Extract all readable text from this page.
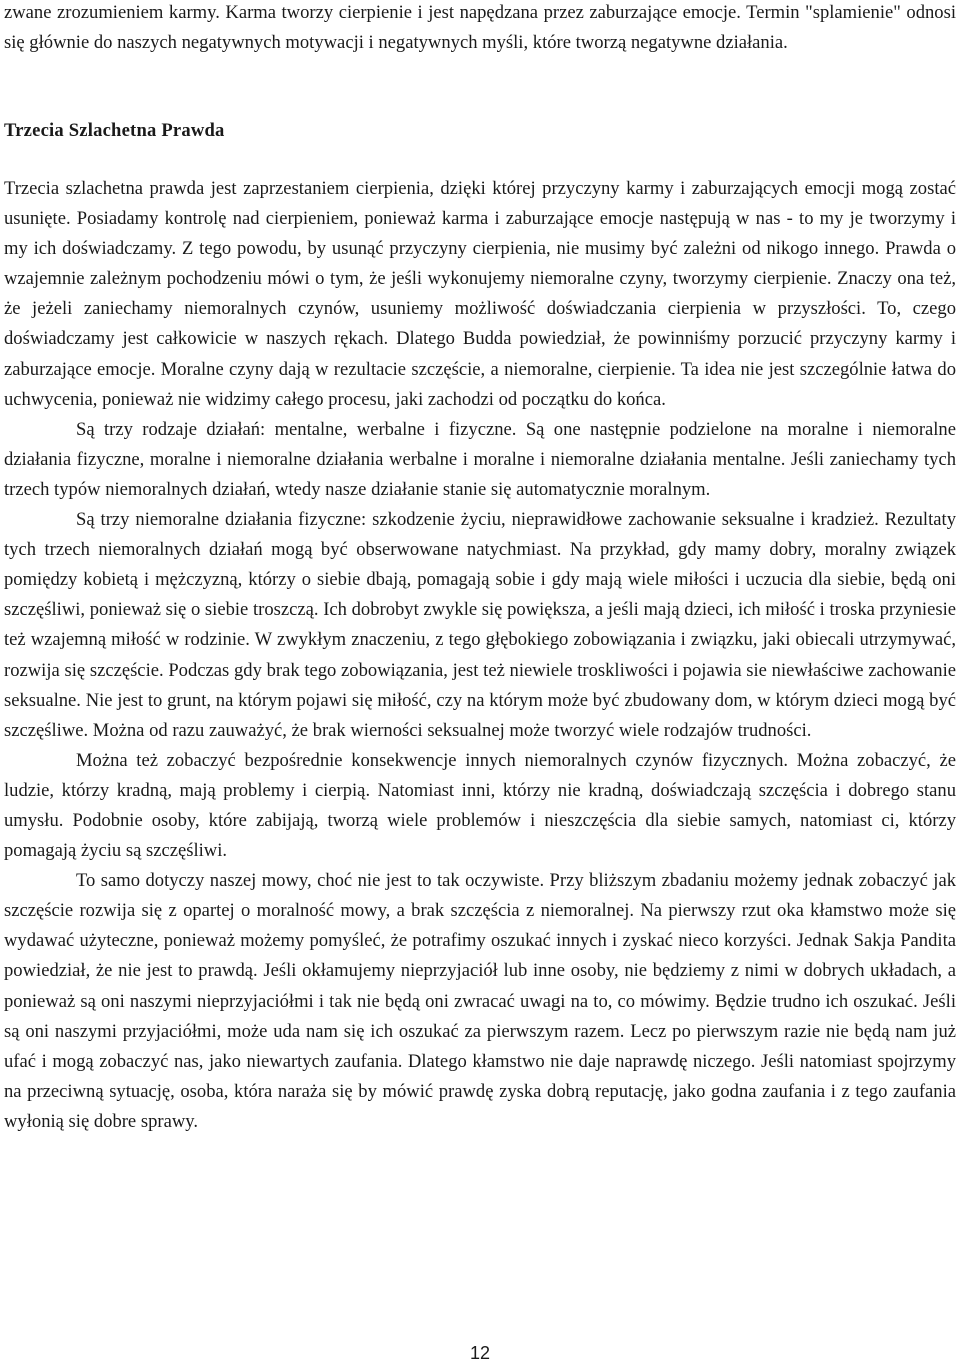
zwane zrozumieniem karmy. Karma tworzy cierpienie i jest napędzana przez zaburzające emocje. Termin "splamienie" odnosi się głównie do naszych negatywnych motywacji i negatywnych myśli, które tworzą negatywne działania.

Trzecia Szlachetna Prawda

Trzecia szlachetna prawda jest zaprzestaniem cierpienia, dzięki której przyczyny karmy i zaburzających emocji mogą zostać usunięte. Posiadamy kontrolę nad cierpieniem, ponieważ karma i zaburzające emocje następują w nas - to my je tworzymy i my ich doświadczamy. Z tego powodu, by usunąć przyczyny cierpienia, nie musimy być zależni od nikogo innego. Prawda o wzajemnie zależnym pochodzeniu mówi o tym, że jeśli wykonujemy niemoralne czyny, tworzymy cierpienie. Znaczy ona też, że jeżeli zaniechamy niemoralnych czynów, usuniemy możliwość doświadczania cierpienia w przyszłości. To, czego doświadczamy jest całkowicie w naszych rękach. Dlatego Budda powiedział, że powinniśmy porzucić przyczyny karmy i zaburzające emocje. Moralne czyny dają w rezultacie szczęście, a niemoralne, cierpienie. Ta idea nie jest szczególnie łatwa do uchwycenia, ponieważ nie widzimy całego procesu, jaki zachodzi od początku do końca.

Są trzy rodzaje działań: mentalne, werbalne i fizyczne. Są one następnie podzielone na moralne i niemoralne działania fizyczne, moralne i niemoralne działania werbalne i moralne i niemoralne działania mentalne. Jeśli zaniechamy tych trzech typów niemoralnych działań, wtedy nasze działanie stanie się automatycznie moralnym.

Są trzy niemoralne działania fizyczne: szkodzenie życiu, nieprawidłowe zachowanie seksualne i kradzież. Rezultaty tych trzech niemoralnych działań mogą być obserwowane natychmiast. Na przykład, gdy mamy dobry, moralny związek pomiędzy kobietą i mężczyzną, którzy o siebie dbają, pomagają sobie i gdy mają wiele miłości i uczucia dla siebie, będą oni szczęśliwi, ponieważ się o siebie troszczą. Ich dobrobyt zwykle się powiększa, a jeśli mają dzieci, ich miłość i troska przyniesie też wzajemną miłość w rodzinie. W zwykłym znaczeniu, z tego głębokiego zobowiązania i związku, jaki obiecali utrzymywać, rozwija się szczęście. Podczas gdy brak tego zobowiązania, jest też niewiele troskliwości i pojawia sie niewłaściwe zachowanie seksualne. Nie jest to grunt, na którym pojawi się miłość, czy na którym może być zbudowany dom, w którym dzieci mogą być szczęśliwe. Można od razu zauważyć, że brak wierności seksualnej może tworzyć wiele rodzajów trudności.

Można też zobaczyć bezpośrednie konsekwencje innych niemoralnych czynów fizycznych. Można zobaczyć, że ludzie, którzy kradną, mają problemy i cierpią. Natomiast inni, którzy nie kradną, doświadczają szczęścia i dobrego stanu umysłu. Podobnie osoby, które zabijają, tworzą wiele problemów i nieszczęścia dla siebie samych, natomiast ci, którzy pomagają życiu są szczęśliwi.

To samo dotyczy naszej mowy, choć nie jest to tak oczywiste. Przy bliższym zbadaniu możemy jednak zobaczyć jak szczęście rozwija się z opartej o moralność mowy, a brak szczęścia z niemoralnej. Na pierwszy rzut oka kłamstwo może się wydawać użyteczne, ponieważ możemy pomyśleć, że potrafimy oszukać innych i zyskać nieco korzyści. Jednak Sakja Pandita powiedział, że nie jest to prawdą. Jeśli okłamujemy nieprzyjaciół lub inne osoby, nie będziemy z nimi w dobrych układach, a ponieważ są oni naszymi nieprzyjaciółmi i tak nie będą oni zwracać uwagi na to, co mówimy. Będzie trudno ich oszukać. Jeśli są oni naszymi przyjaciółmi, może uda nam się ich oszukać za pierwszym razem. Lecz po pierwszym razie nie będą nam już ufać i mogą zobaczyć nas, jako niewartych zaufania. Dlatego kłamstwo nie daje naprawdę niczego. Jeśli natomiast spojrzymy na przeciwną sytuację, osoba, która naraża się by mówić prawdę zyska dobrą reputację, jako godna zaufania i z tego zaufania wyłonią się dobre sprawy.

12
